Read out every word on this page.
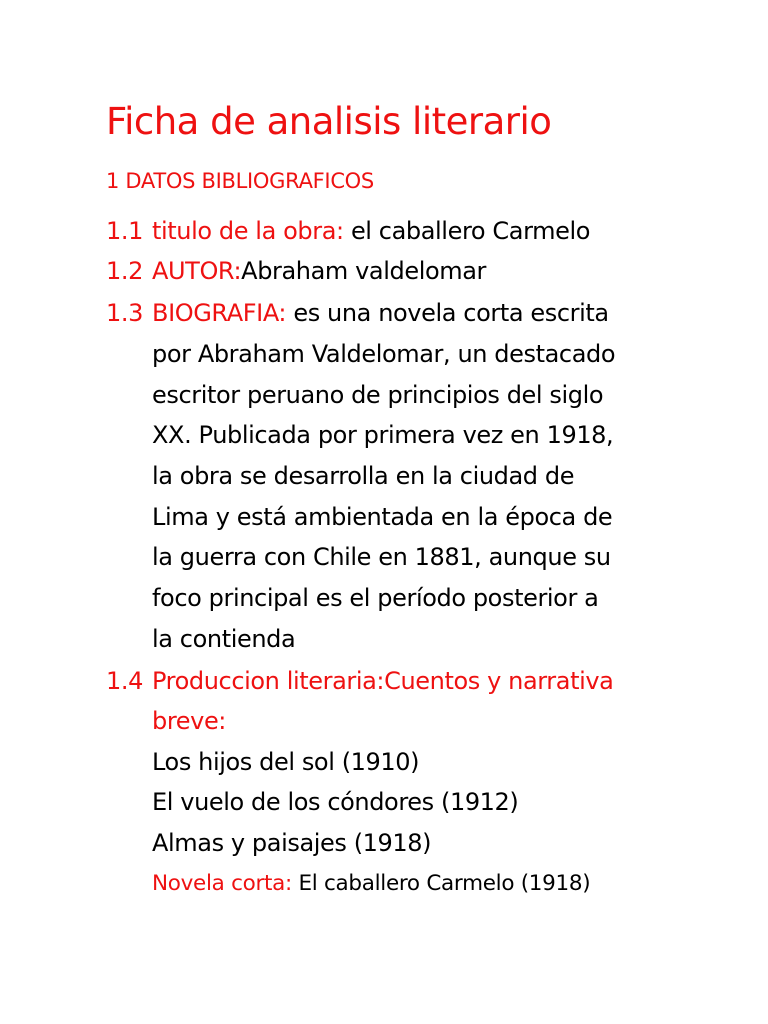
Ficha de analisis literario
1 DATOS BIBLIOGRAFICOS
1.1 titulo de la obra: el caballero Carmelo
1.2 AUTOR:Abraham valdelomar
1.3 BIOGRAFIA: es una novela corta escrita
por Abraham Valdelomar, un destacado
escritor peruano de principios del siglo
XX. Publicada por primera vez en 1918,
la obra se desarrolla en la ciudad de
Lima y está ambientada en la época de
la guerra con Chile en 1881, aunque su
foco principal es el período posterior a
la contienda
1.4 Produccion literaria:Cuentos y narrativa
breve:
Los hijos del sol (1910)
El vuelo de los cóndores (1912)
Almas y paisajes (1918)
Novela corta: El caballero Carmelo (1918)
